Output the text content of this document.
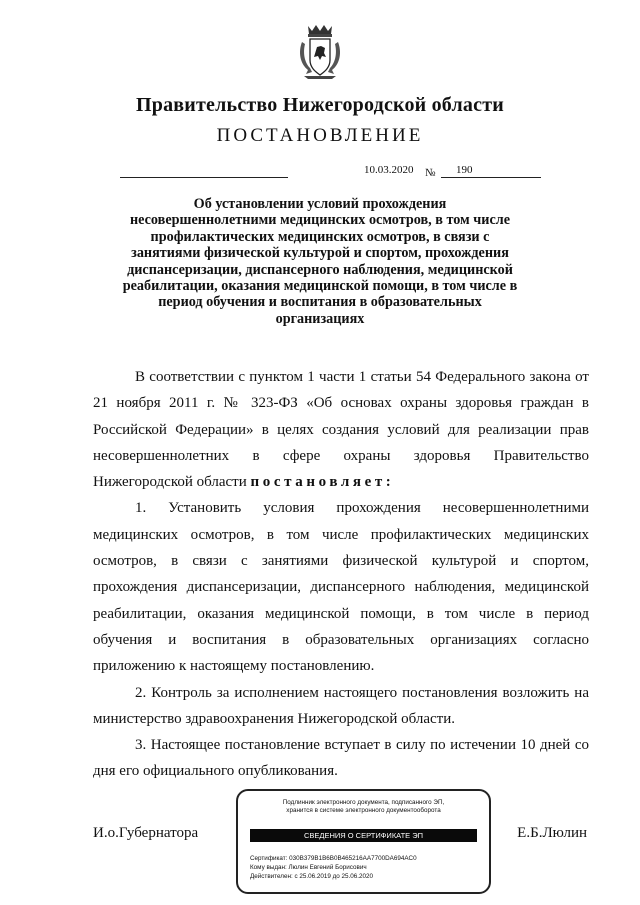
Правительство Нижегородской области
ПОСТАНОВЛЕНИЕ
10.03.2020 № 190
Об установлении условий прохождения
несовершеннолетними медицинских осмотров, в том числе
профилактических медицинских осмотров, в связи с
занятиями физической культурой и спортом, прохождения
диспансеризации, диспансерного наблюдения, медицинской
реабилитации, оказания медицинской помощи, в том числе в
период обучения и воспитания в образовательных
организациях

В соответствии с пунктом 1 части 1 статьи 54 Федерального закона от 21 ноября 2011 г. № 323-ФЗ «Об основах охраны здоровья граждан в Российской Федерации» в целях создания условий для реализации прав несовершеннолетних в сфере охраны здоровья Правительство Нижегородской области постановляет:

1. Установить условия прохождения несовершеннолетними медицинских осмотров, в том числе профилактических медицинских осмотров, в связи с занятиями физической культурой и спортом, прохождения диспансеризации, диспансерного наблюдения, медицинской реабилитации, оказания медицинской помощи, в том числе в период обучения и воспитания в образовательных организациях согласно приложению к настоящему постановлению.

2. Контроль за исполнением настоящего постановления возложить на министерство здравоохранения Нижегородской области.

3. Настоящее постановление вступает в силу по истечении 10 дней со дня его официального опубликования.

И.о.Губернатора	Е.Б.Люлин
Подлинник электронного документа, подписанного ЭП,
хранится в системе электронного документооборота
СВЕДЕНИЯ О СЕРТИФИКАТЕ ЭП
Сертификат: 030B379B1B6B0B465216AA7700DA694AC0
Кому выдан: Люлин Евгений Борисович
Действителен: с 25.06.2019 до 25.06.2020
